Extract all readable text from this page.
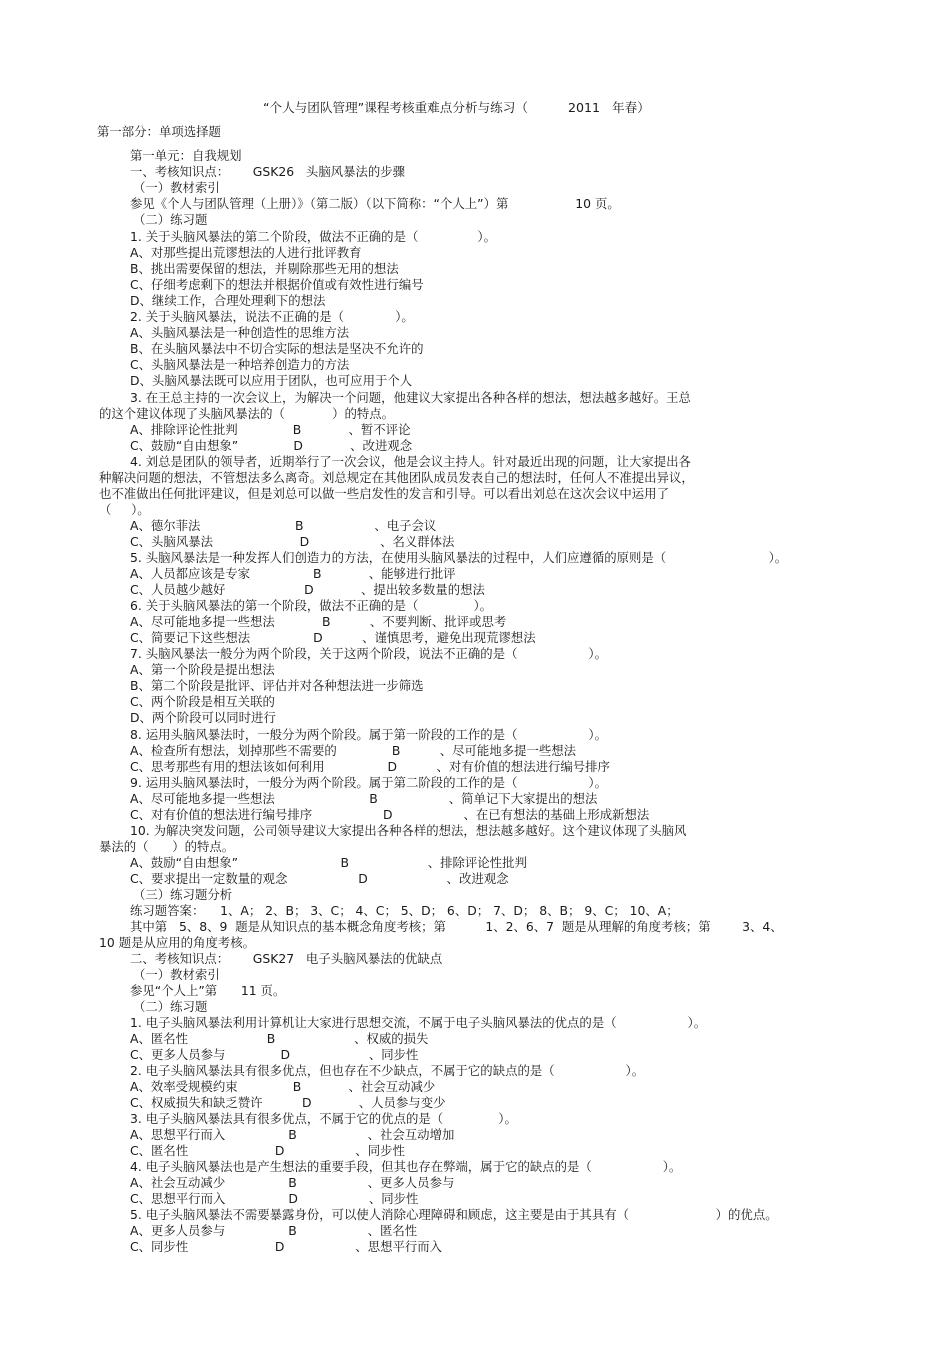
“个人与团队管理”课程考核重难点分析与练习（          2011   年春）
第一部分：单项选择题
第一单元：自我规划
一、考核知识点：      GSK26   头脑风暴法的步骤
（一）教材索引
参见《个人与团队管理（上册）》（第二版）（以下简称：“个人上”）第                 10 页。
（二）练习题
1. 关于头脑风暴法的第二个阶段，做法不正确的是（               ）。
A、对那些提出荒谬想法的人进行批评教育
B、挑出需要保留的想法，并剔除那些无用的想法
C、仔细考虑剩下的想法并根据价值或有效性进行编号
D、继续工作，合理处理剩下的想法
2. 关于头脑风暴法，说法不正确的是（             ）。
A、头脑风暴法是一种创造性的思维方法
B、在头脑风暴法中不切合实际的想法是坚决不允许的
C、头脑风暴法是一种培养创造力的方法
D、头脑风暴法既可以应用于团队，也可应用于个人
3. 在王总主持的一次会议上，为解决一个问题，他建议大家提出各种各样的想法，想法越多越好。王总
的这个建议体现了头脑风暴法的（            ）的特点。
A、排除评论性批判              B            、暂不评论
C、鼓励“自由想象”              D            、改进观念
4. 刘总是团队的领导者，近期举行了一次会议，他是会议主持人。针对最近出现的问题，让大家提出各
种解决问题的想法，不管想法多么离奇。刘总规定在其他团队成员发表自己的想法时，任何人不准提出异议，
也不准做出任何批评建议，但是刘总可以做一些启发性的发言和引导。可以看出刘总在这次会议中运用了
（     ）。
A、德尔菲法                        B                  、电子会议
C、头脑风暴法                      D                  、名义群体法
5. 头脑风暴法是一种发挥人们创造力的方法，在使用头脑风暴法的过程中，人们应遵循的原则是（                          ）。
A、人员都应该是专家                B            、能够进行批评
C、人员越少越好                    D            、提出较多数量的想法
6. 关于头脑风暴法的第一个阶段，做法不正确的是（              ）。
A、尽可能地多提一些想法            B          、不要判断、批评或思考
C、简要记下这些想法                D          、谨慎思考，避免出现荒谬想法
7. 头脑风暴法一般分为两个阶段，关于这两个阶段，说法不正确的是（                  ）。
A、第一个阶段是提出想法
B、第二个阶段是批评、评估并对各种想法进一步筛选
C、两个阶段是相互关联的
D、两个阶段可以同时进行
8. 运用头脑风暴法时，一般分为两个阶段。属于第一阶段的工作的是（                  ）。
A、检查所有想法，划掉那些不需要的              B          、尽可能地多提一些想法
C、思考那些有用的想法该如何利用                D          、对有价值的想法进行编号排序
9. 运用头脑风暴法时，一般分为两个阶段。属于第二阶段的工作的是（                  ）。
A、尽可能地多提一些想法                        B                  、简单记下大家提出的想法
C、对有价值的想法进行编号排序                  D                  、在已有想法的基础上形成新想法
10. 为解决突发问题，公司领导建议大家提出各种各样的想法，想法越多越好。这个建议体现了头脑风
暴法的（      ）的特点。
A、鼓励“自由想象”                          B                    、排除评论性批判
C、要求提出一定数量的观念                  D                    、改进观念
（三）练习题分析
练习题答案：    1、A； 2、B； 3、C； 4、C； 5、D； 6、D； 7、D； 8、B； 9、C； 10、A；
其中第   5、8、9  题是从知识点的基本概念角度考核；第          1、2、6、7  题是从理解的角度考核；第        3、4、
10 题是从应用的角度考核。
二、考核知识点：      GSK27   电子头脑风暴法的优缺点
（一）教材索引
参见“个人上”第      11 页。
（二）练习题
1. 电子头脑风暴法利用计算机让大家进行思想交流，不属于电子头脑风暴法的优点的是（                  ）。
A、匿名性                    B                    、权威的损失
C、更多人员参与              D                    、同步性
2. 电子头脑风暴法具有很多优点，但也存在不少缺点，不属于它的缺点的是（                  ）。
A、效率受规模约束              B            、社会互动减少
C、权威损失和缺乏赞许          D            、人员参与变少
3. 电子头脑风暴法具有很多优点，不属于它的优点的是（              ）。
A、思想平行而入                B                  、社会互动增加
C、匿名性                      D                  、同步性
4. 电子头脑风暴法也是产生想法的重要手段，但其也存在弊端，属于它的缺点的是（                  ）。
A、社会互动减少                B                  、更多人员参与
C、思想平行而入                D                  、同步性
5. 电子头脑风暴法不需要暴露身份，可以使人消除心理障碍和顾虑，这主要是由于其具有（                      ）的优点。
A、更多人员参与                B                  、匿名性
C、同步性                      D                  、思想平行而入
